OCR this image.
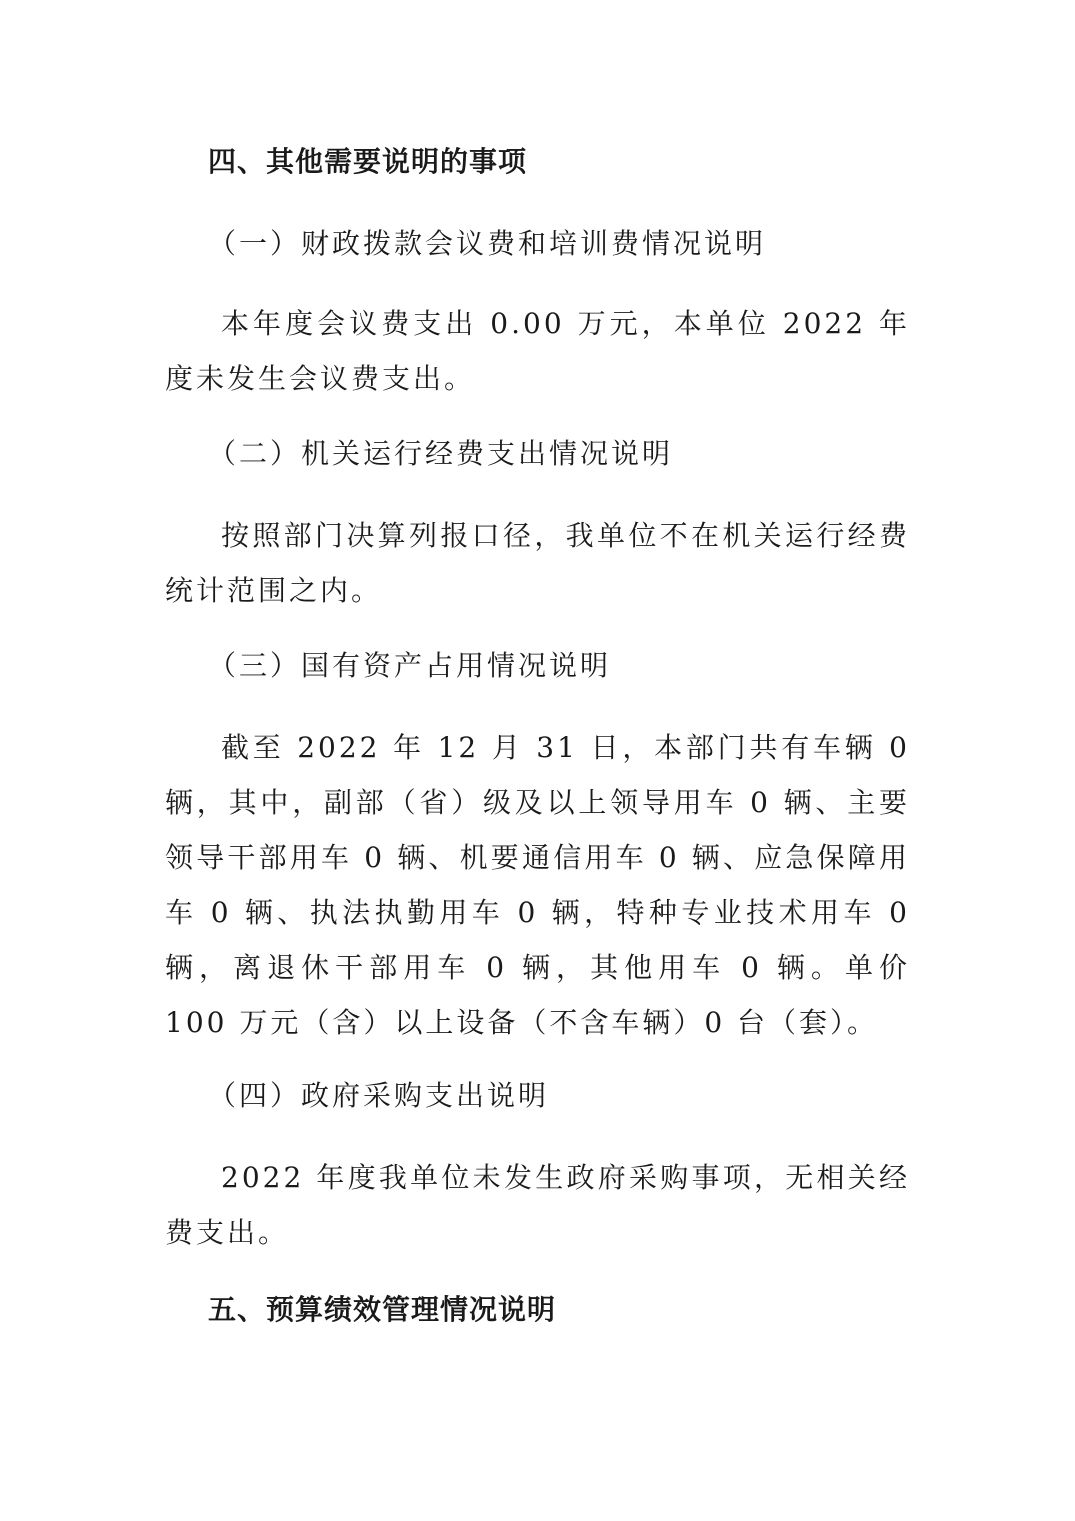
四、其他需要说明的事项
（一）财政拨款会议费和培训费情况说明

本年度会议费支出 0.00 万元，本单位 2022 年度未发生会议费支出。

（二）机关运行经费支出情况说明

按照部门决算列报口径，我单位不在机关运行经费统计范围之内。

（三）国有资产占用情况说明

截至 2022 年 12 月 31 日，本部门共有车辆 0 辆，其中，副部（省）级及以上领导用车 0 辆、主要领导干部用车 0 辆、机要通信用车 0 辆、应急保障用车 0 辆、执法执勤用车 0 辆，特种专业技术用车 0 辆，离退休干部用车 0 辆，其他用车 0 辆。单价 100 万元（含）以上设备（不含车辆）0 台（套）。

（四）政府采购支出说明

2022 年度我单位未发生政府采购事项，无相关经费支出。

五、预算绩效管理情况说明
